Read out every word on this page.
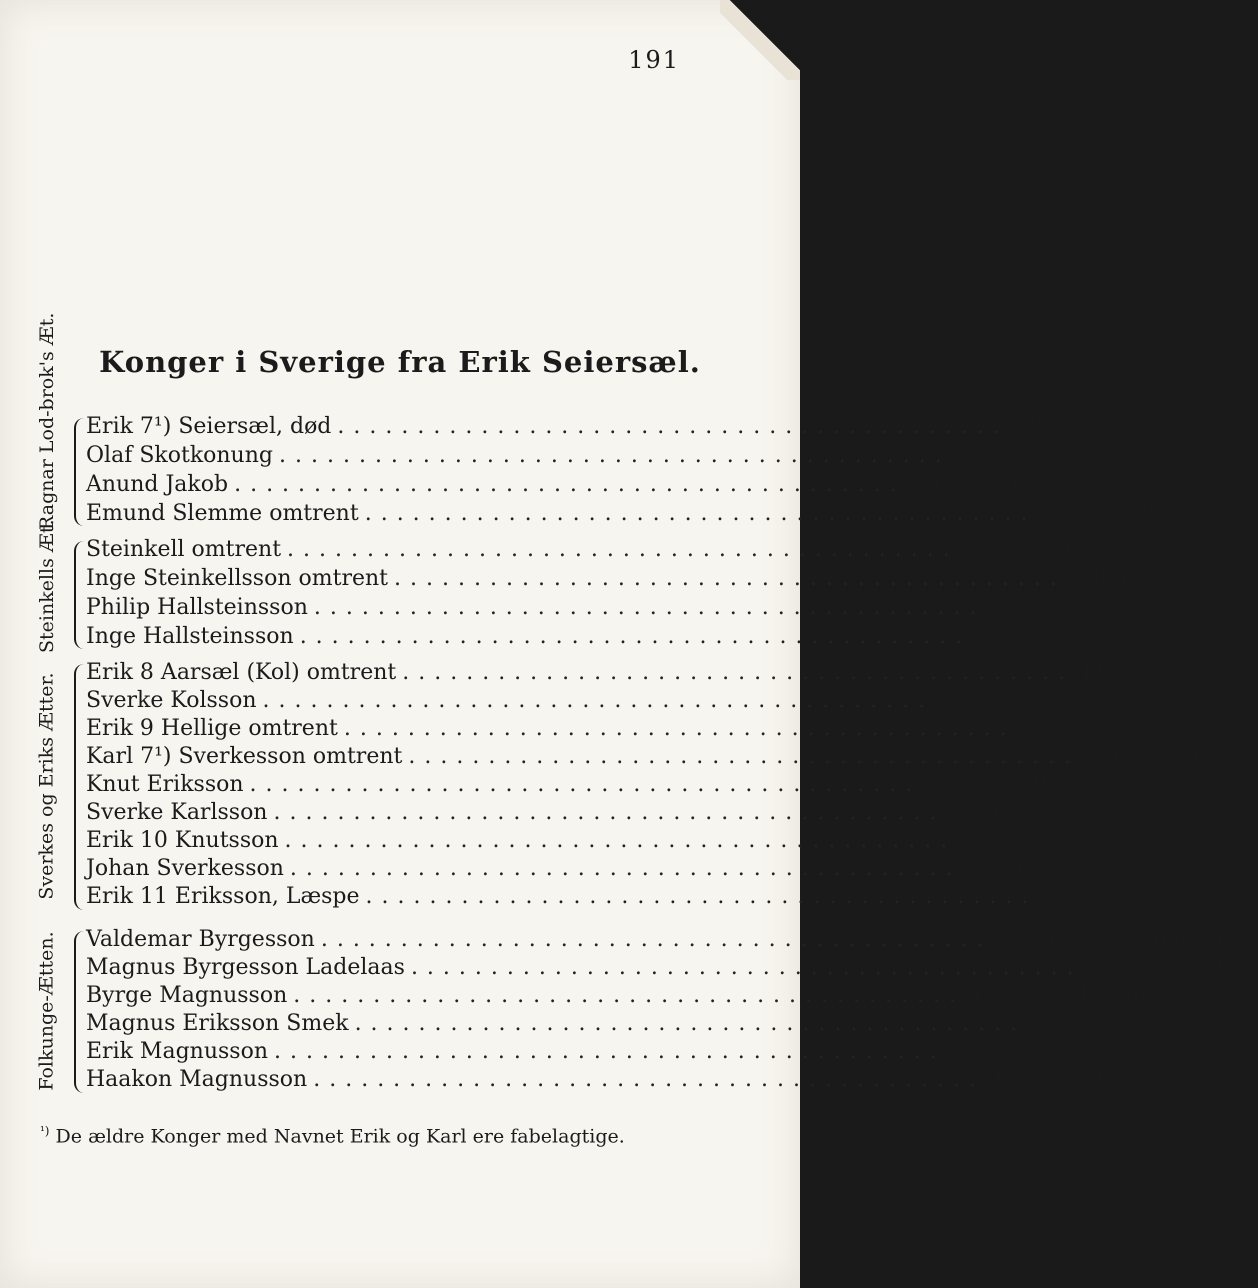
191
Konger i Sverige fra Erik Seiersæl.
Ragnar Lod-brok's Æt. Erik 7¹) Seiersæl, død .......................................... 995.
Olaf Skotkonung .......................................... 995—1021.
Anund Jakob .......................................... 1021—1052.
Emund Slemme omtrent .......................................... 1052—1055.
Steinkells Æt. Steinkell omtrent .......................................... 1056—1067.
Inge Steinkellsson omtrent .......................................... 1080—1111.
Philip Hallsteinsson .......................................... 1111—1118.
Inge Hallsteinsson .......................................... 1111—1123.
Sverkes og Eriks Ætter. Erik 8 Aarsæl (Kol) omtrent .......................................... 1120.
Sverke Kolsson .......................................... 1132—1155.
Erik 9 Hellige omtrent .......................................... 1150—1160.
Karl 7¹) Sverkesson omtrent .......................................... 1160—1167.
Knut Eriksson .......................................... 1167—1195.
Sverke Karlsson .......................................... 1196—1210.
Erik 10 Knutsson .......................................... 1210—1216.
Johan Sverkesson .......................................... 1216—1222.
Erik 11 Eriksson, Læspe .......................................... 1222—1250.
Folkunge-Ætten. Valdemar Byrgesson .......................................... 1250—1278, død 1302.
Magnus Byrgesson Ladelaas .......................................... 1276—1290.
Byrge Magnusson .......................................... 1290—1318, død 1321.
Magnus Eriksson Smek .......................................... 1319—1362.
Erik Magnusson .......................................... 1355—1359.
Haakon Magnusson .......................................... 1362—1363.
$^{^1)}$ De ældre Konger med Navnet Erik og Karl ere fabelagtige.
